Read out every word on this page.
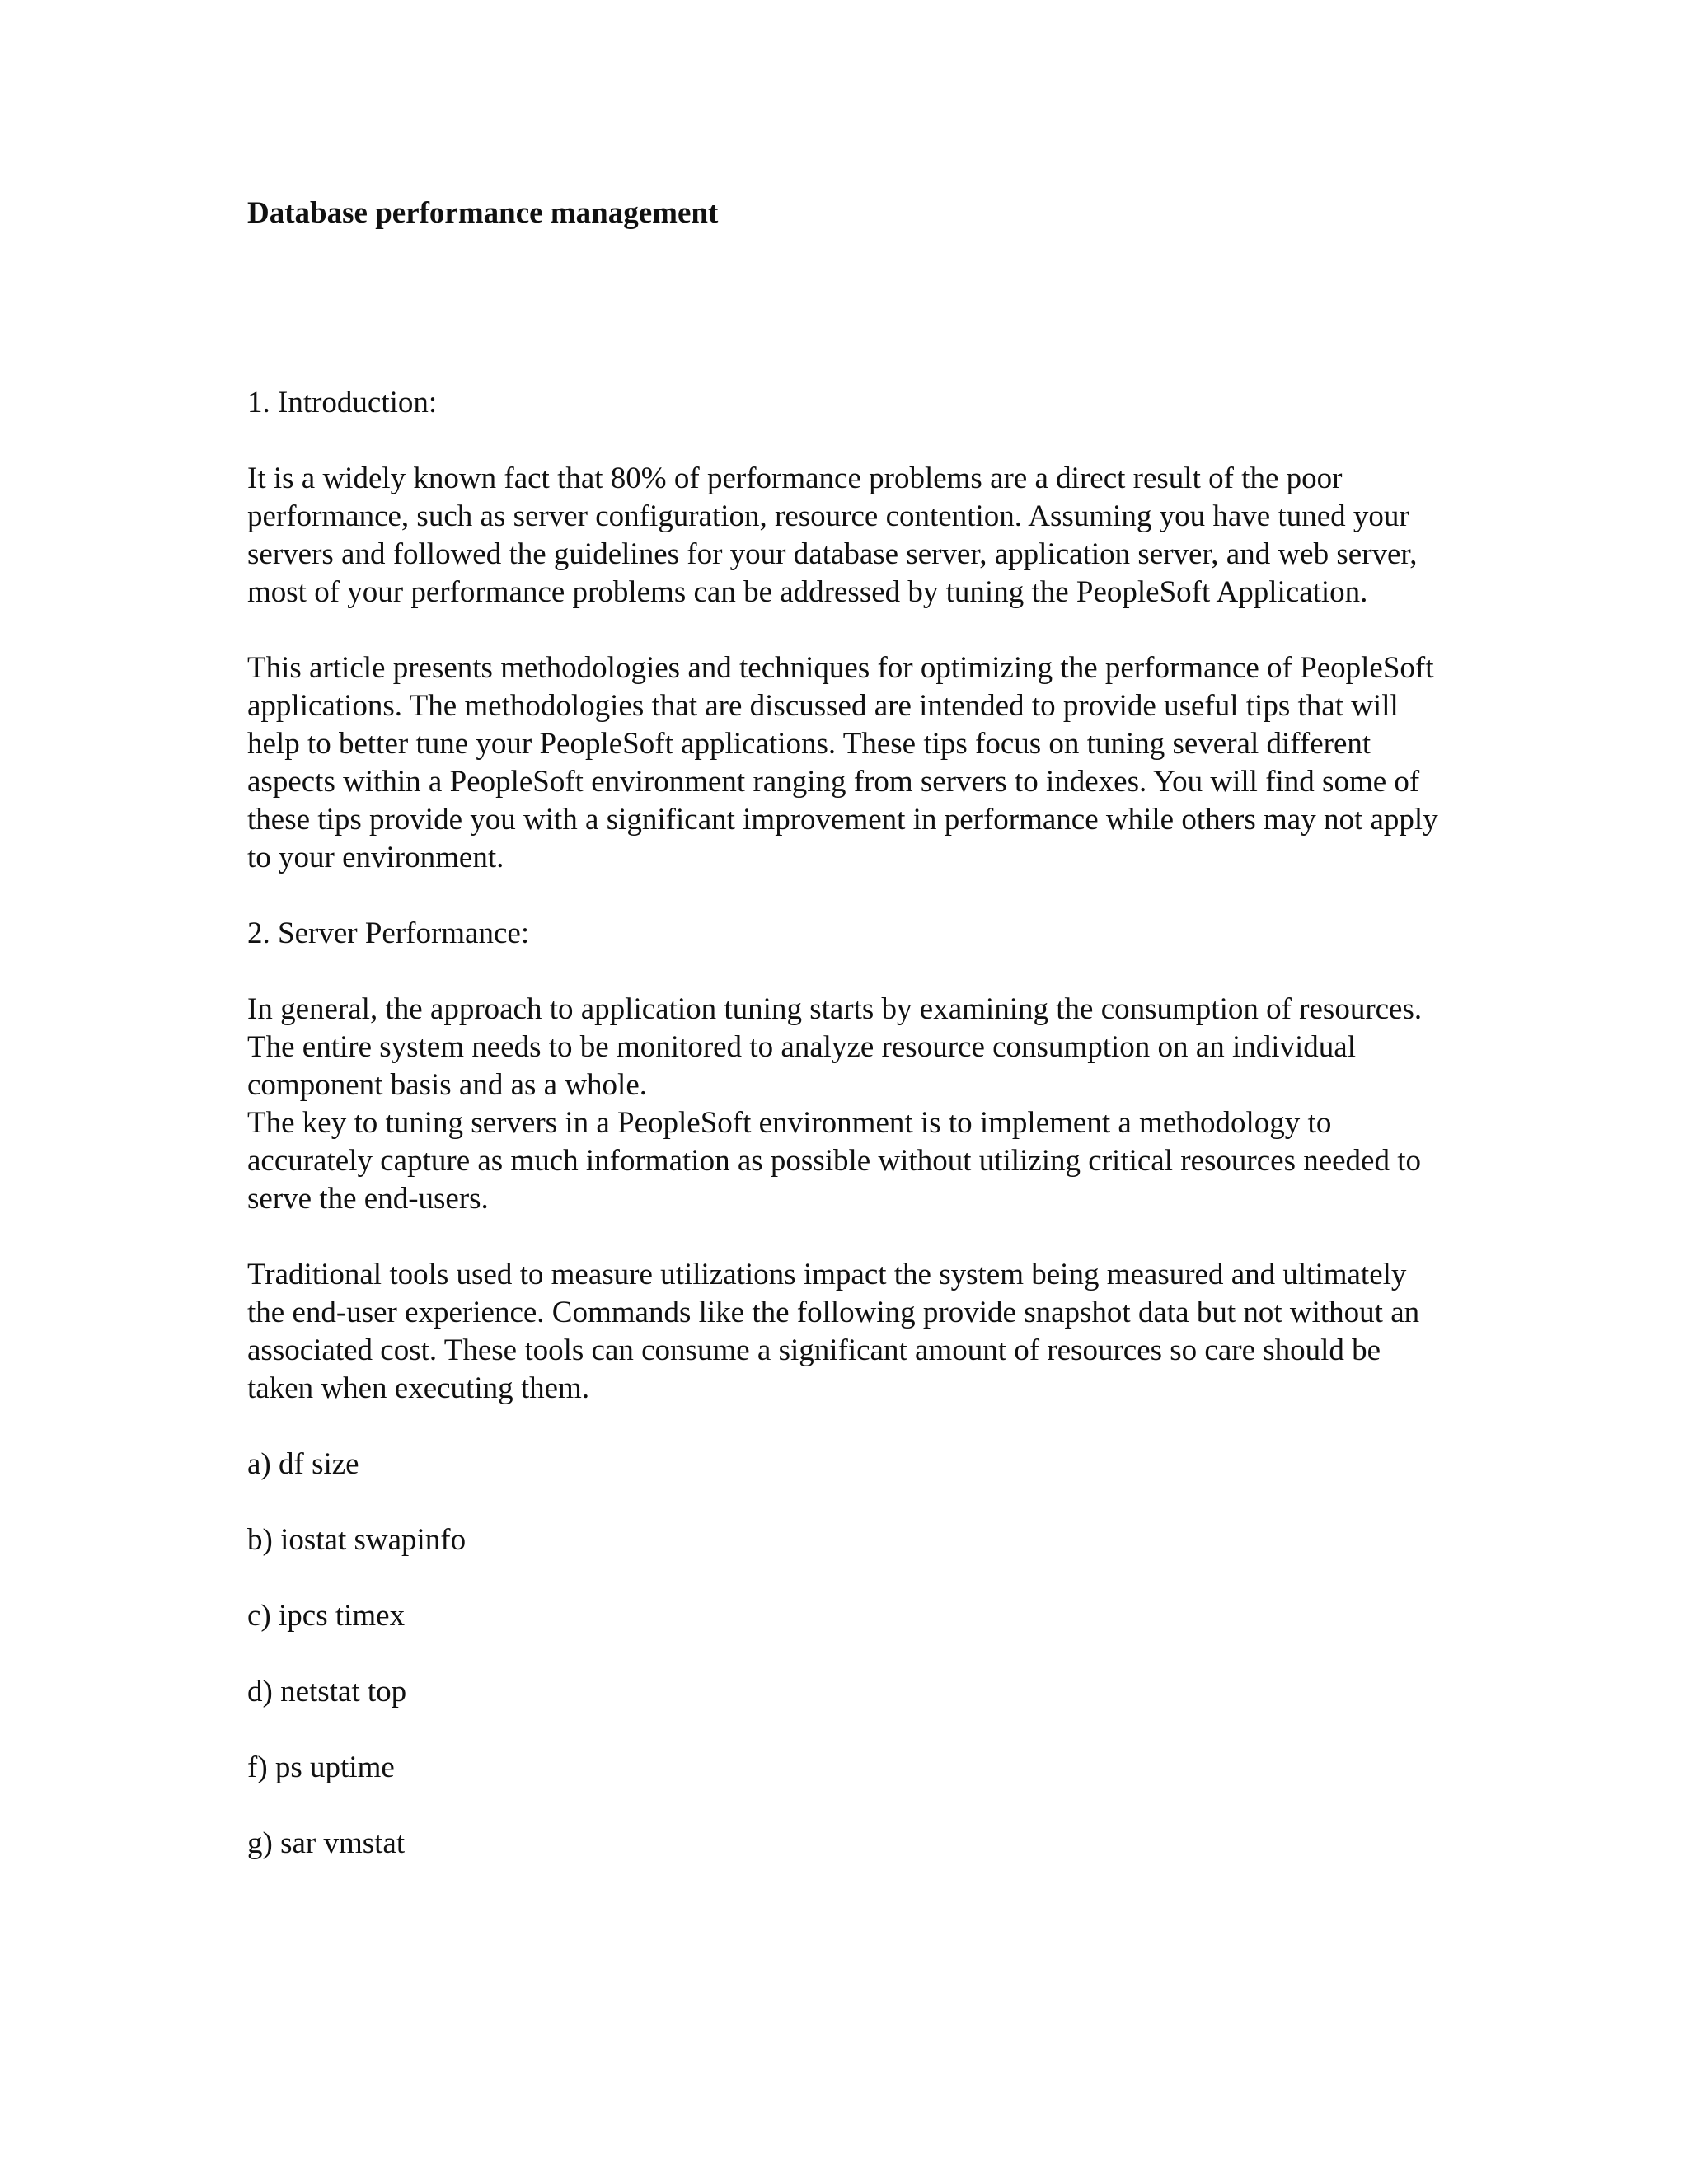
Database performance management
1. Introduction:

It is a widely known fact that 80% of performance problems are a direct result of the poor performance, such as server configuration, resource contention. Assuming you have tuned your servers and followed the guidelines for your database server, application server, and web server, most of your performance problems can be addressed by tuning the PeopleSoft Application.

This article presents methodologies and techniques for optimizing the performance of PeopleSoft applications. The methodologies that are discussed are intended to provide useful tips that will help to better tune your PeopleSoft applications. These tips focus on tuning several different aspects within a PeopleSoft environment ranging from servers to indexes. You will find some of these tips provide you with a significant improvement in performance while others may not apply to your environment.

2. Server Performance:

In general, the approach to application tuning starts by examining the consumption of resources. The entire system needs to be monitored to analyze resource consumption on an individual component basis and as a whole.

The key to tuning servers in a PeopleSoft environment is to implement a methodology to accurately capture as much information as possible without utilizing critical resources needed to serve the end-users.

Traditional tools used to measure utilizations impact the system being measured and ultimately the end-user experience. Commands like the following provide snapshot data but not without an associated cost. These tools can consume a significant amount of resources so care should be taken when executing them.

a) df size
b) iostat swapinfo
c) ipcs timex
d) netstat top
f) ps uptime
g) sar vmstat
